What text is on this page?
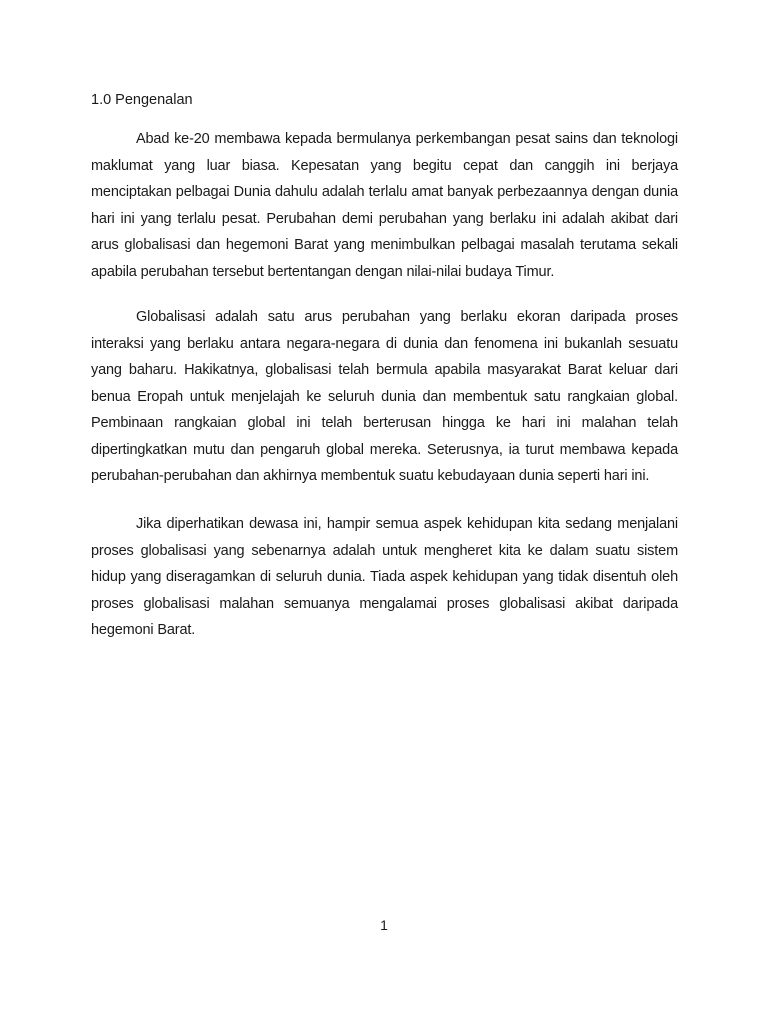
1.0 Pengenalan

Abad ke-20 membawa kepada bermulanya perkembangan pesat sains dan teknologi maklumat yang luar biasa. Kepesatan yang begitu cepat dan canggih ini berjaya menciptakan pelbagai Dunia dahulu adalah terlalu amat banyak perbezaannya dengan dunia hari ini yang terlalu pesat. Perubahan demi perubahan yang berlaku ini adalah akibat dari arus globalisasi dan hegemoni Barat yang menimbulkan pelbagai masalah terutama sekali apabila perubahan tersebut bertentangan dengan nilai-nilai budaya Timur.

Globalisasi adalah satu arus perubahan yang berlaku ekoran daripada proses interaksi yang berlaku antara negara-negara di dunia dan fenomena ini bukanlah sesuatu yang baharu. Hakikatnya, globalisasi telah bermula apabila masyarakat Barat keluar dari benua Eropah untuk menjelajah ke seluruh dunia dan membentuk satu rangkaian global. Pembinaan rangkaian global ini telah berterusan hingga ke hari ini malahan telah dipertingkatkan mutu dan pengaruh global mereka. Seterusnya, ia turut membawa kepada perubahan-perubahan dan akhirnya membentuk suatu kebudayaan dunia seperti hari ini.

Jika diperhatikan dewasa ini, hampir semua aspek kehidupan kita sedang menjalani proses globalisasi yang sebenarnya adalah untuk mengheret kita ke dalam suatu sistem hidup yang diseragamkan di seluruh dunia. Tiada aspek kehidupan yang tidak disentuh oleh proses globalisasi malahan semuanya mengalamai proses globalisasi akibat daripada hegemoni Barat.

1
